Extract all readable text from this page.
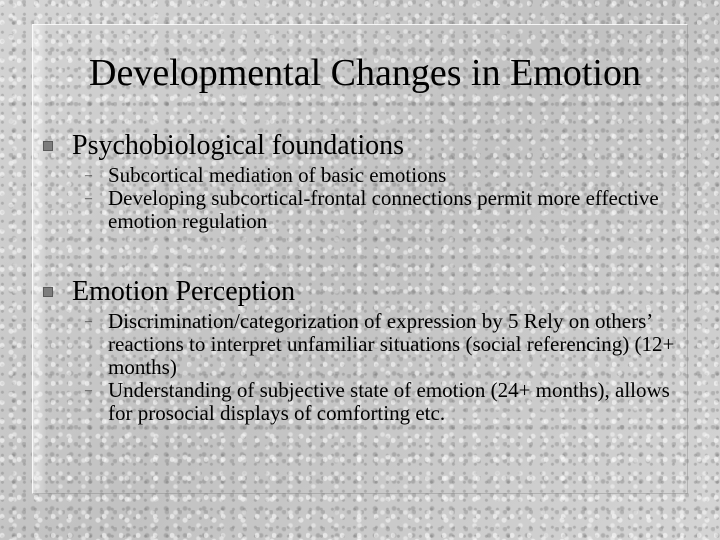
Developmental Changes in Emotion
Psychobiological foundations
– Subcortical mediation of basic emotions
– Developing subcortical-frontal connections permit more effective emotion regulation
Emotion Perception
– Discrimination/categorization of expression by 5 Rely on others’ reactions to interpret unfamiliar situations (social referencing) (12+ months)
– Understanding of subjective state of emotion (24+ months), allows for prosocial displays of comforting etc.
